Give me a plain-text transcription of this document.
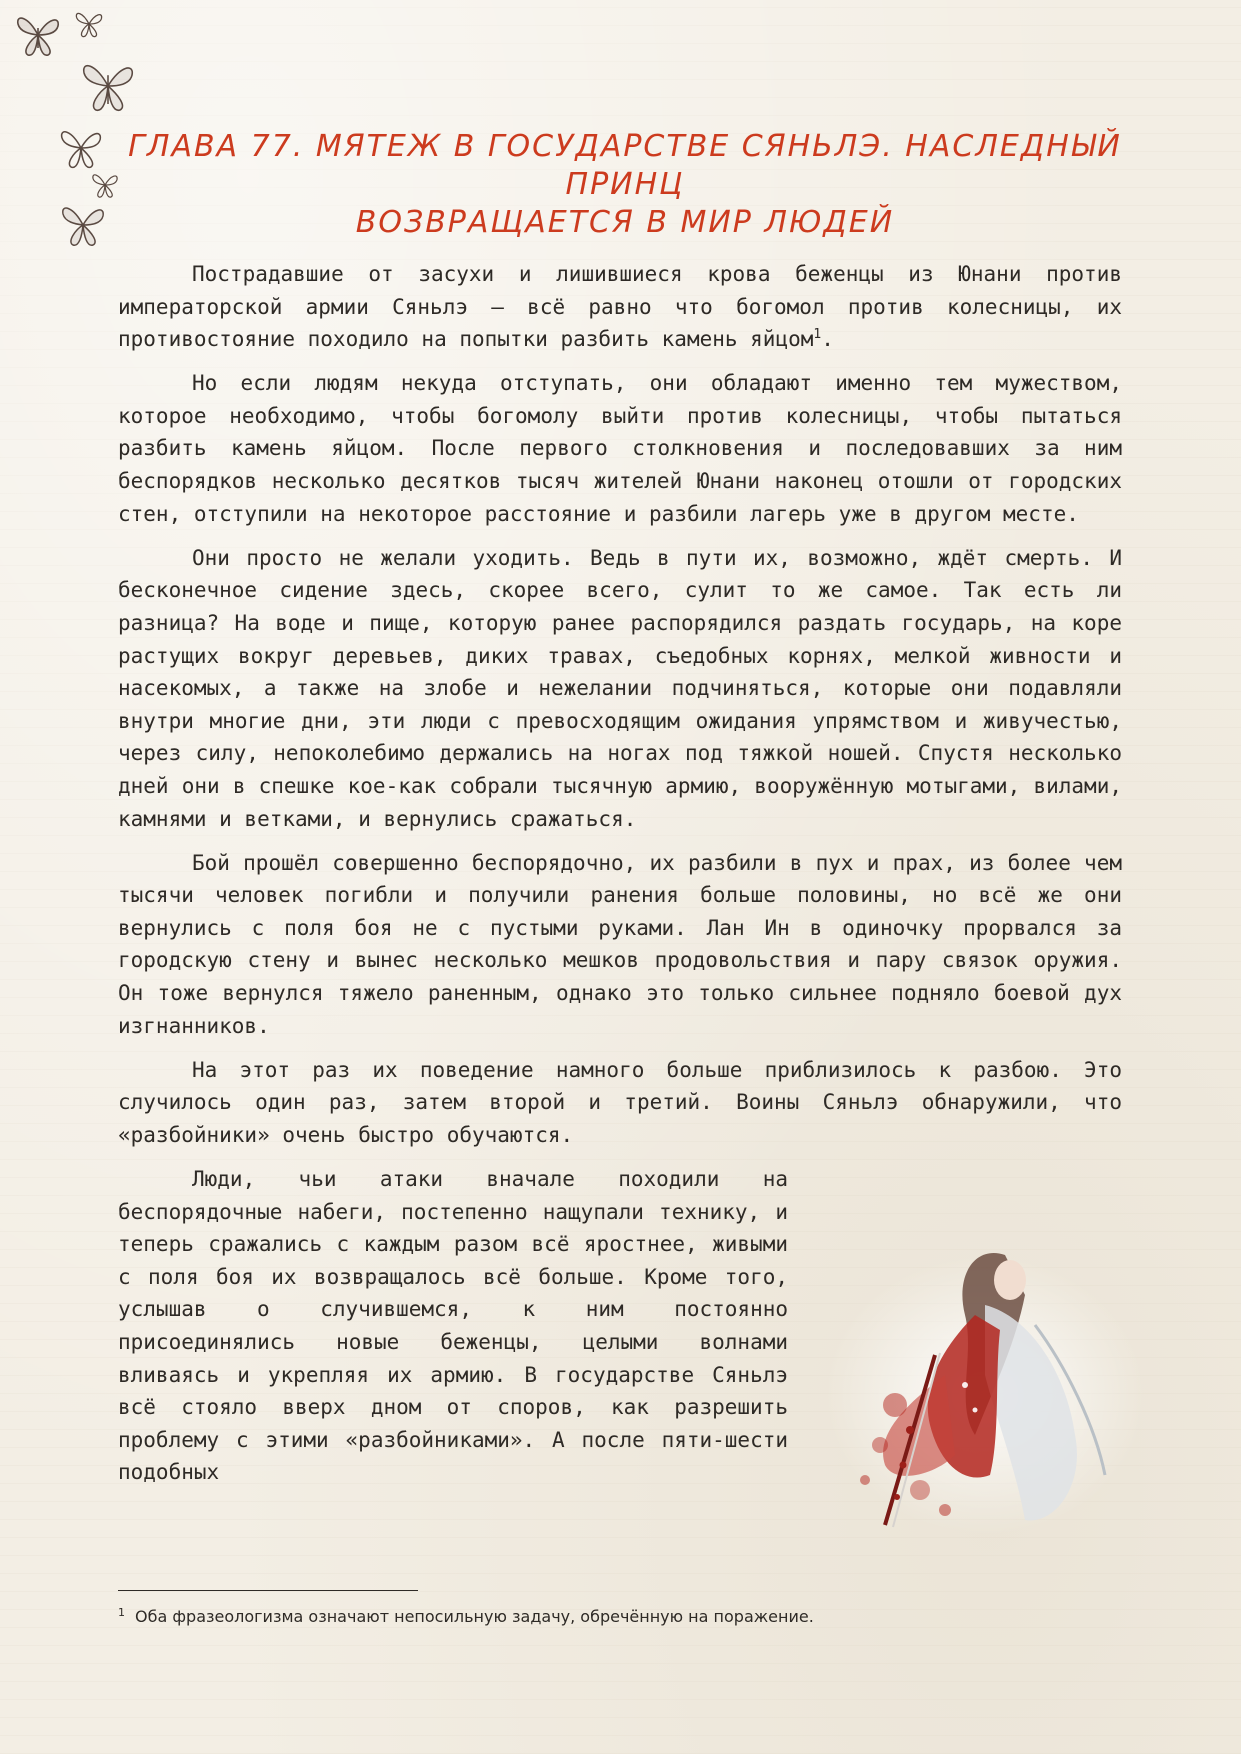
ГЛАВА 77. МЯТЕЖ В ГОСУДАРСТВЕ СЯНЬЛЭ. НАСЛЕДНЫЙ ПРИНЦ
ВОЗВРАЩАЕТСЯ В МИР ЛЮДЕЙ

Пострадавшие от засухи и лишившиеся крова беженцы из Юнани против императорской армии Сяньлэ — всё равно что богомол против колесницы, их противостояние походило на попытки разбить камень яйцом$^1$.

Но если людям некуда отступать, они обладают именно тем мужеством, которое необходимо, чтобы богомолу выйти против колесницы, чтобы пытаться разбить камень яйцом. После первого столкновения и последовавших за ним беспорядков несколько десятков тысяч жителей Юнани наконец отошли от городских стен, отступили на некоторое расстояние и разбили лагерь уже в другом месте.

Они просто не желали уходить. Ведь в пути их, возможно, ждёт смерть. И бесконечное сидение здесь, скорее всего, сулит то же самое. Так есть ли разница? На воде и пище, которую ранее распорядился раздать государь, на коре растущих вокруг деревьев, диких травах, съедобных корнях, мелкой живности и насекомых, а также на злобе и нежелании подчиняться, которые они подавляли внутри многие дни, эти люди с превосходящим ожидания упрямством и живучестью, через силу, непоколебимо держались на ногах под тяжкой ношей. Спустя несколько дней они в спешке кое-как собрали тысячную армию, вооружённую мотыгами, вилами, камнями и ветками, и вернулись сражаться.

Бой прошёл совершенно беспорядочно, их разбили в пух и прах, из более чем тысячи человек погибли и получили ранения больше половины, но всё же они вернулись с поля боя не с пустыми руками. Лан Ин в одиночку прорвался за городскую стену и вынес несколько мешков продовольствия и пару связок оружия. Он тоже вернулся тяжело раненным, однако это только сильнее подняло боевой дух изгнанников.

На этот раз их поведение намного больше приблизилось к разбою. Это случилось один раз, затем второй и третий. Воины Сяньлэ обнаружили, что «разбойники» очень быстро обучаются.

Люди, чьи атаки вначале походили на беспорядочные набеги, постепенно нащупали технику, и теперь сражались с каждым разом всё яростнее, живыми с поля боя их возвращалось всё больше. Кроме того, услышав о случившемся, к ним постоянно присоединялись новые беженцы, целыми волнами вливаясь и укрепляя их армию. В государстве Сяньлэ всё стояло вверх дном от споров, как разрешить проблему с этими «разбойниками». А после пяти-шести подобных

$^1$ Оба фразеологизма означают непосильную задачу, обречённую на поражение.
